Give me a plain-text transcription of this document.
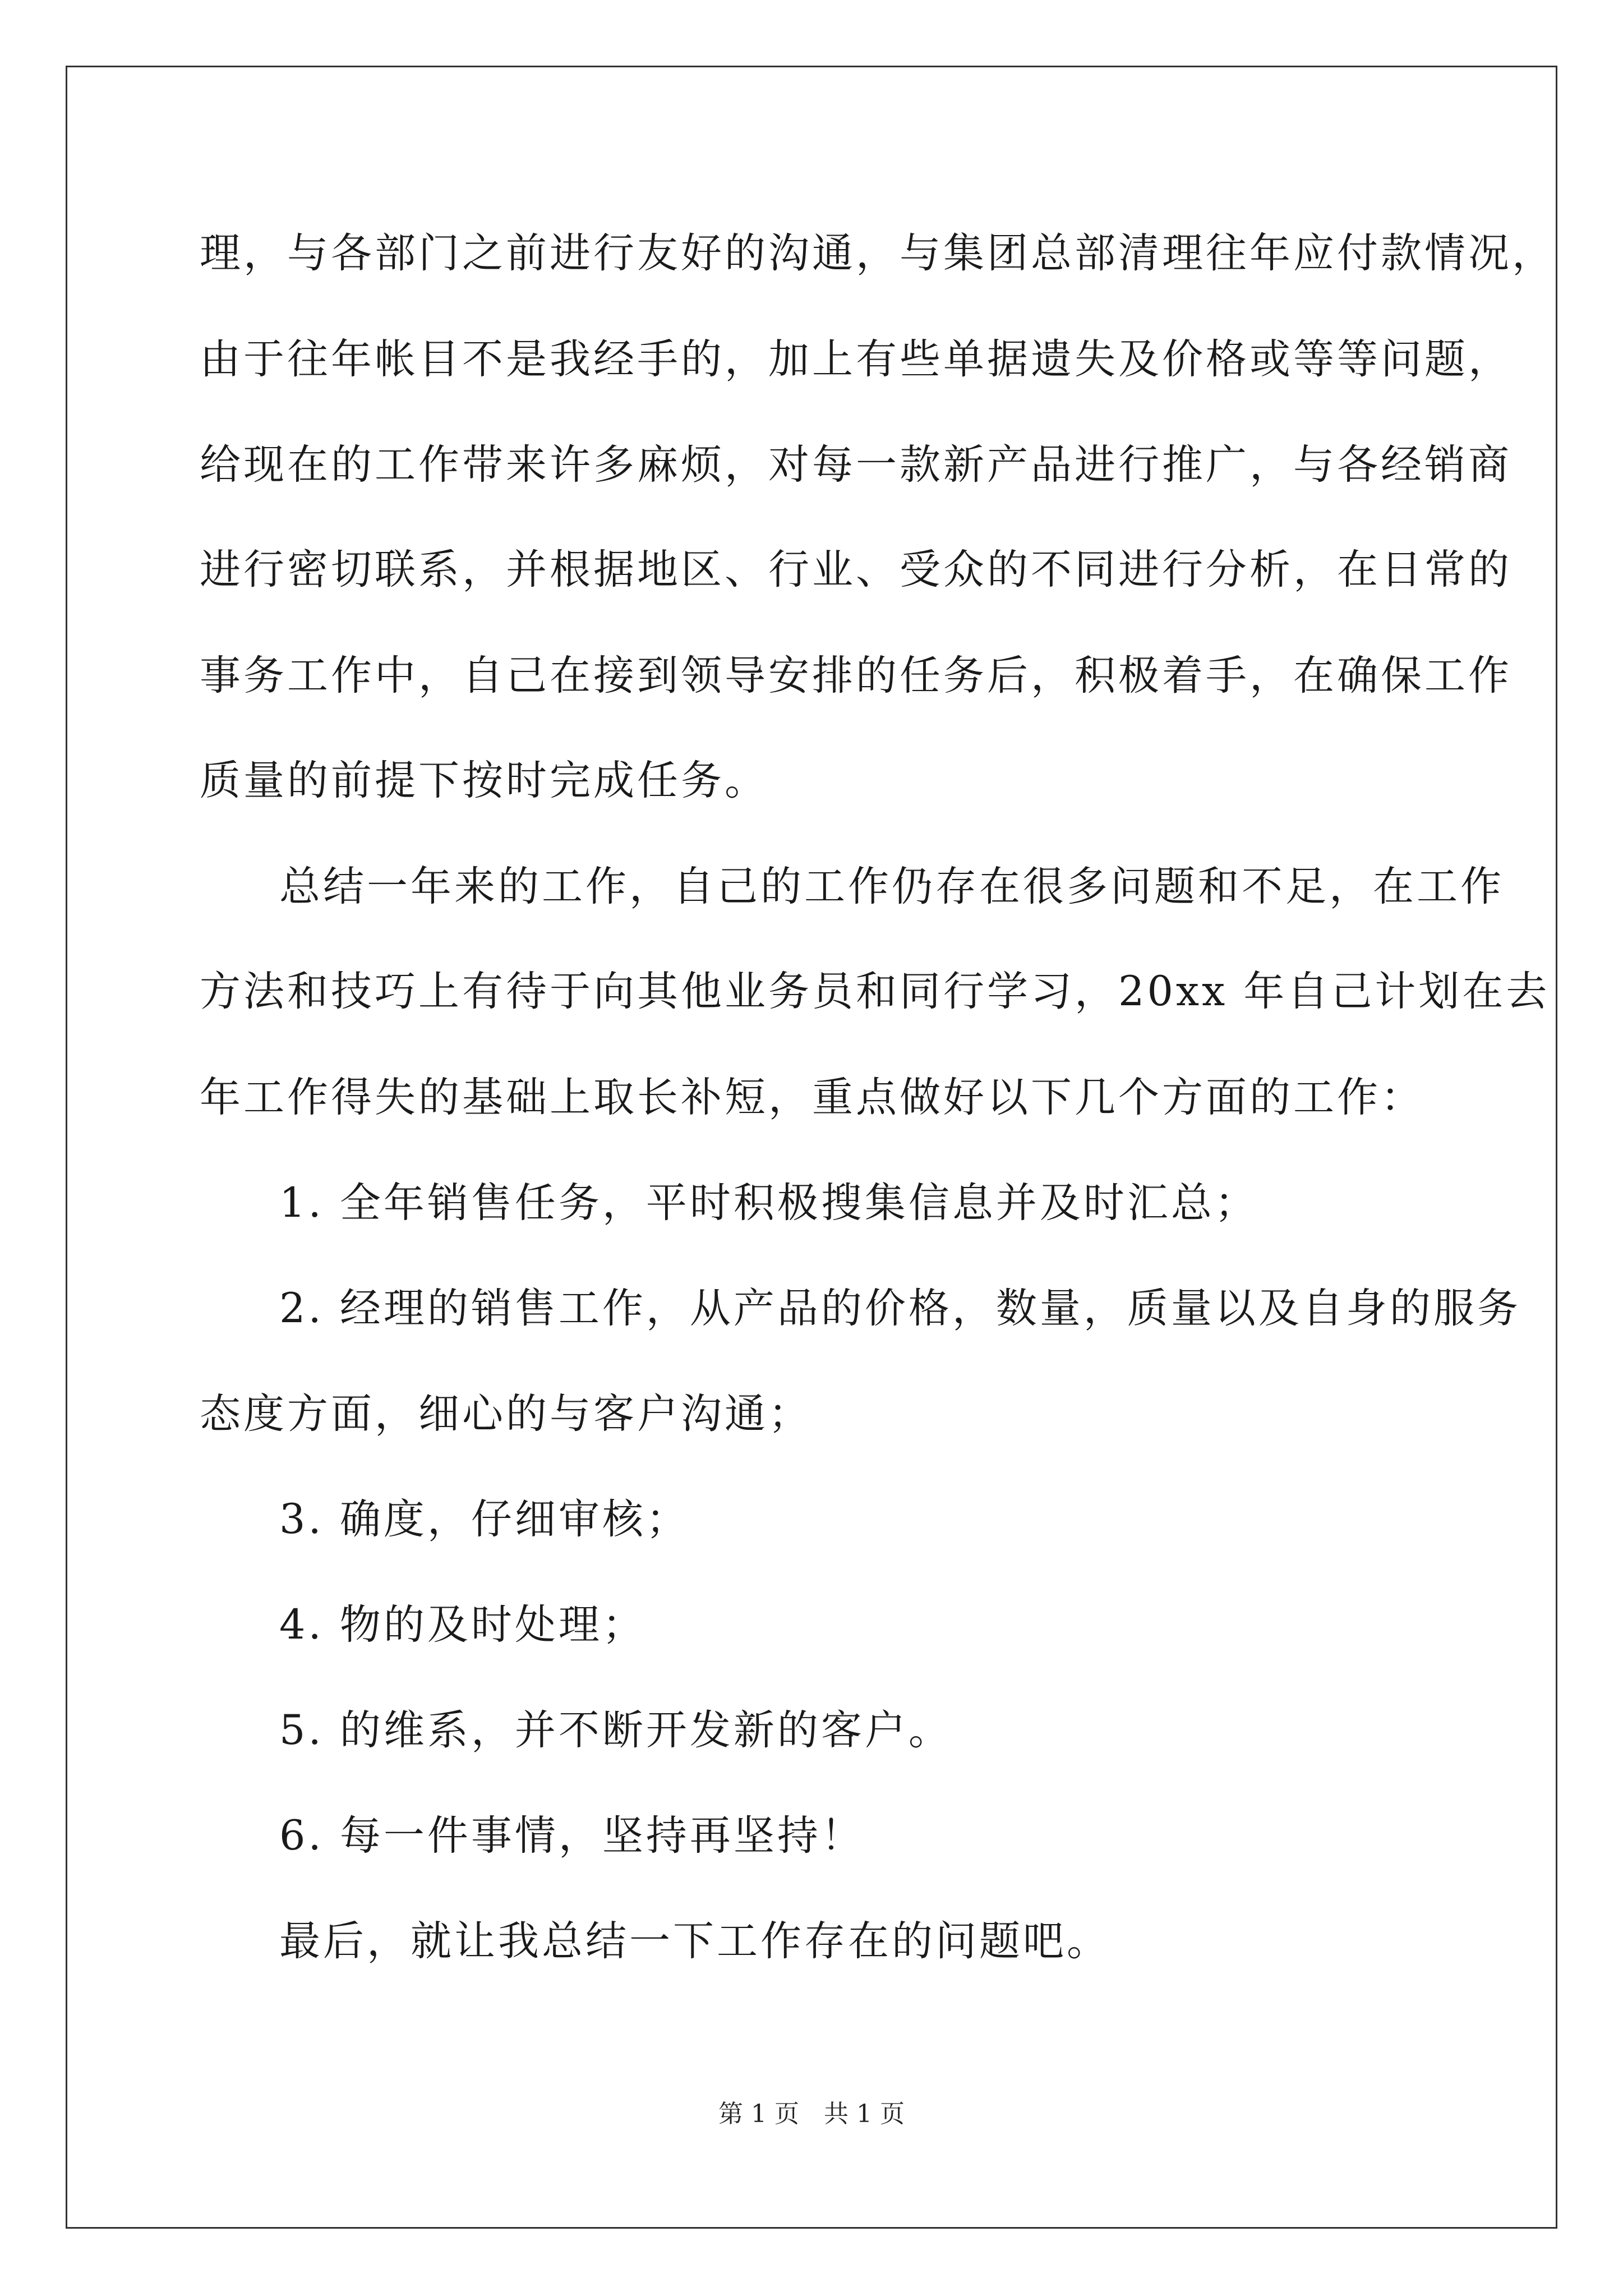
理，与各部门之前进行友好的沟通，与集团总部清理往年应付款情况，
由于往年帐目不是我经手的，加上有些单据遗失及价格或等等问题，
给现在的工作带来许多麻烦，对每一款新产品进行推广，与各经销商
进行密切联系，并根据地区、行业、受众的不同进行分析，在日常的
事务工作中，自己在接到领导安排的任务后，积极着手，在确保工作
质量的前提下按时完成任务。
总结一年来的工作，自己的工作仍存在很多问题和不足，在工作
方法和技巧上有待于向其他业务员和同行学习，20xx 年自己计划在去
年工作得失的基础上取长补短，重点做好以下几个方面的工作：
1. 全年销售任务，平时积极搜集信息并及时汇总；
2. 经理的销售工作，从产品的价格，数量，质量以及自身的服务
态度方面，细心的与客户沟通；
3. 确度，仔细审核；
4. 物的及时处理；
5. 的维系，并不断开发新的客户。
6. 每一件事情，坚持再坚持！
最后，就让我总结一下工作存在的问题吧。
第 1 页　共 1 页
